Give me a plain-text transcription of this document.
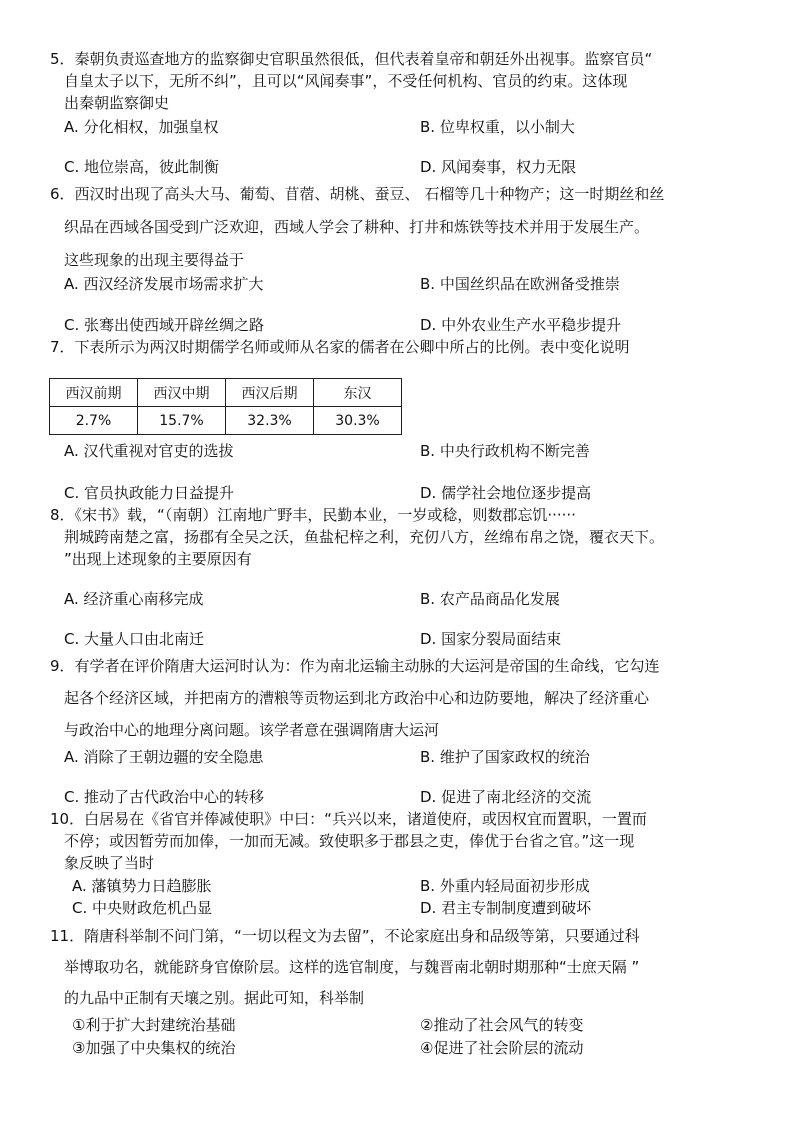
5．秦朝负责巡查地方的监察御史官职虽然很低，但代表着皇帝和朝廷外出视事。监察官员“
自皇太子以下，无所不纠”，且可以“风闻奏事”，不受任何机构、官员的约束。这体现
出秦朝监察御史
A. 分化相权，加强皇权	B. 位卑权重，以小制大
C. 地位崇高，彼此制衡	D. 风闻奏事，权力无限
6．西汉时出现了高头大马、葡萄、苜蓿、胡桃、蚕豆、 石榴等几十种物产；这一时期丝和丝
织品在西域各国受到广泛欢迎，西域人学会了耕种、打井和炼铁等技术并用于发展生产。
这些现象的出现主要得益于
A. 西汉经济发展市场需求扩大	B. 中国丝织品在欧洲备受推崇
C. 张骞出使西域开辟丝绸之路	D. 中外农业生产水平稳步提升
7．下表所示为两汉时期儒学名师或师从名家的儒者在公卿中所占的比例。表中变化说明
西汉前期	西汉中期	西汉后期	东汉
2.7%	15.7%	32.3%	30.3%
A. 汉代重视对官吏的选拔	B. 中央行政机构不断完善
C. 官员执政能力日益提升	D. 儒学社会地位逐步提高
8．《宋书》载，“（南朝）江南地广野丰，民勤本业，一岁或稔，则数郡忘饥······
荆城跨南楚之富，扬郡有全吴之沃，鱼盐杞梓之利，充仞八方，丝绵布帛之饶，覆衣天下。
”出现上述现象的主要原因有
A. 经济重心南移完成	B. 农产品商品化发展
C. 大量人口由北南迁	D. 国家分裂局面结束
9．有学者在评价隋唐大运河时认为：作为南北运输主动脉的大运河是帝国的生命线，它勾连
起各个经济区域，并把南方的漕粮等贡物运到北方政治中心和边防要地，解决了经济重心
与政治中心的地理分离问题。该学者意在强调隋唐大运河
A. 消除了王朝边疆的安全隐患	B. 维护了国家政权的统治
C. 推动了古代政治中心的转移	D. 促进了南北经济的交流
10．白居易在《省官并俸减使职》中曰：“兵兴以来，诸道使府，或因权宜而置职，一置而
不停；或因暂劳而加俸，一加而无减。致使职多于郡县之吏，俸优于台省之官。”这一现
象反映了当时
A. 藩镇势力日趋膨胀	B. 外重内轻局面初步形成
C. 中央财政危机凸显	D. 君主专制制度遭到破坏
11．隋唐科举制不问门第，“一切以程文为去留”，不论家庭出身和品级等第，只要通过科
举博取功名，就能跻身官僚阶层。这样的选官制度，与魏晋南北朝时期那种“士庶天隔 ”
的九品中正制有天壤之别。据此可知，科举制
①利于扩大封建统治基础	②推动了社会风气的转变
③加强了中央集权的统治	④促进了社会阶层的流动
